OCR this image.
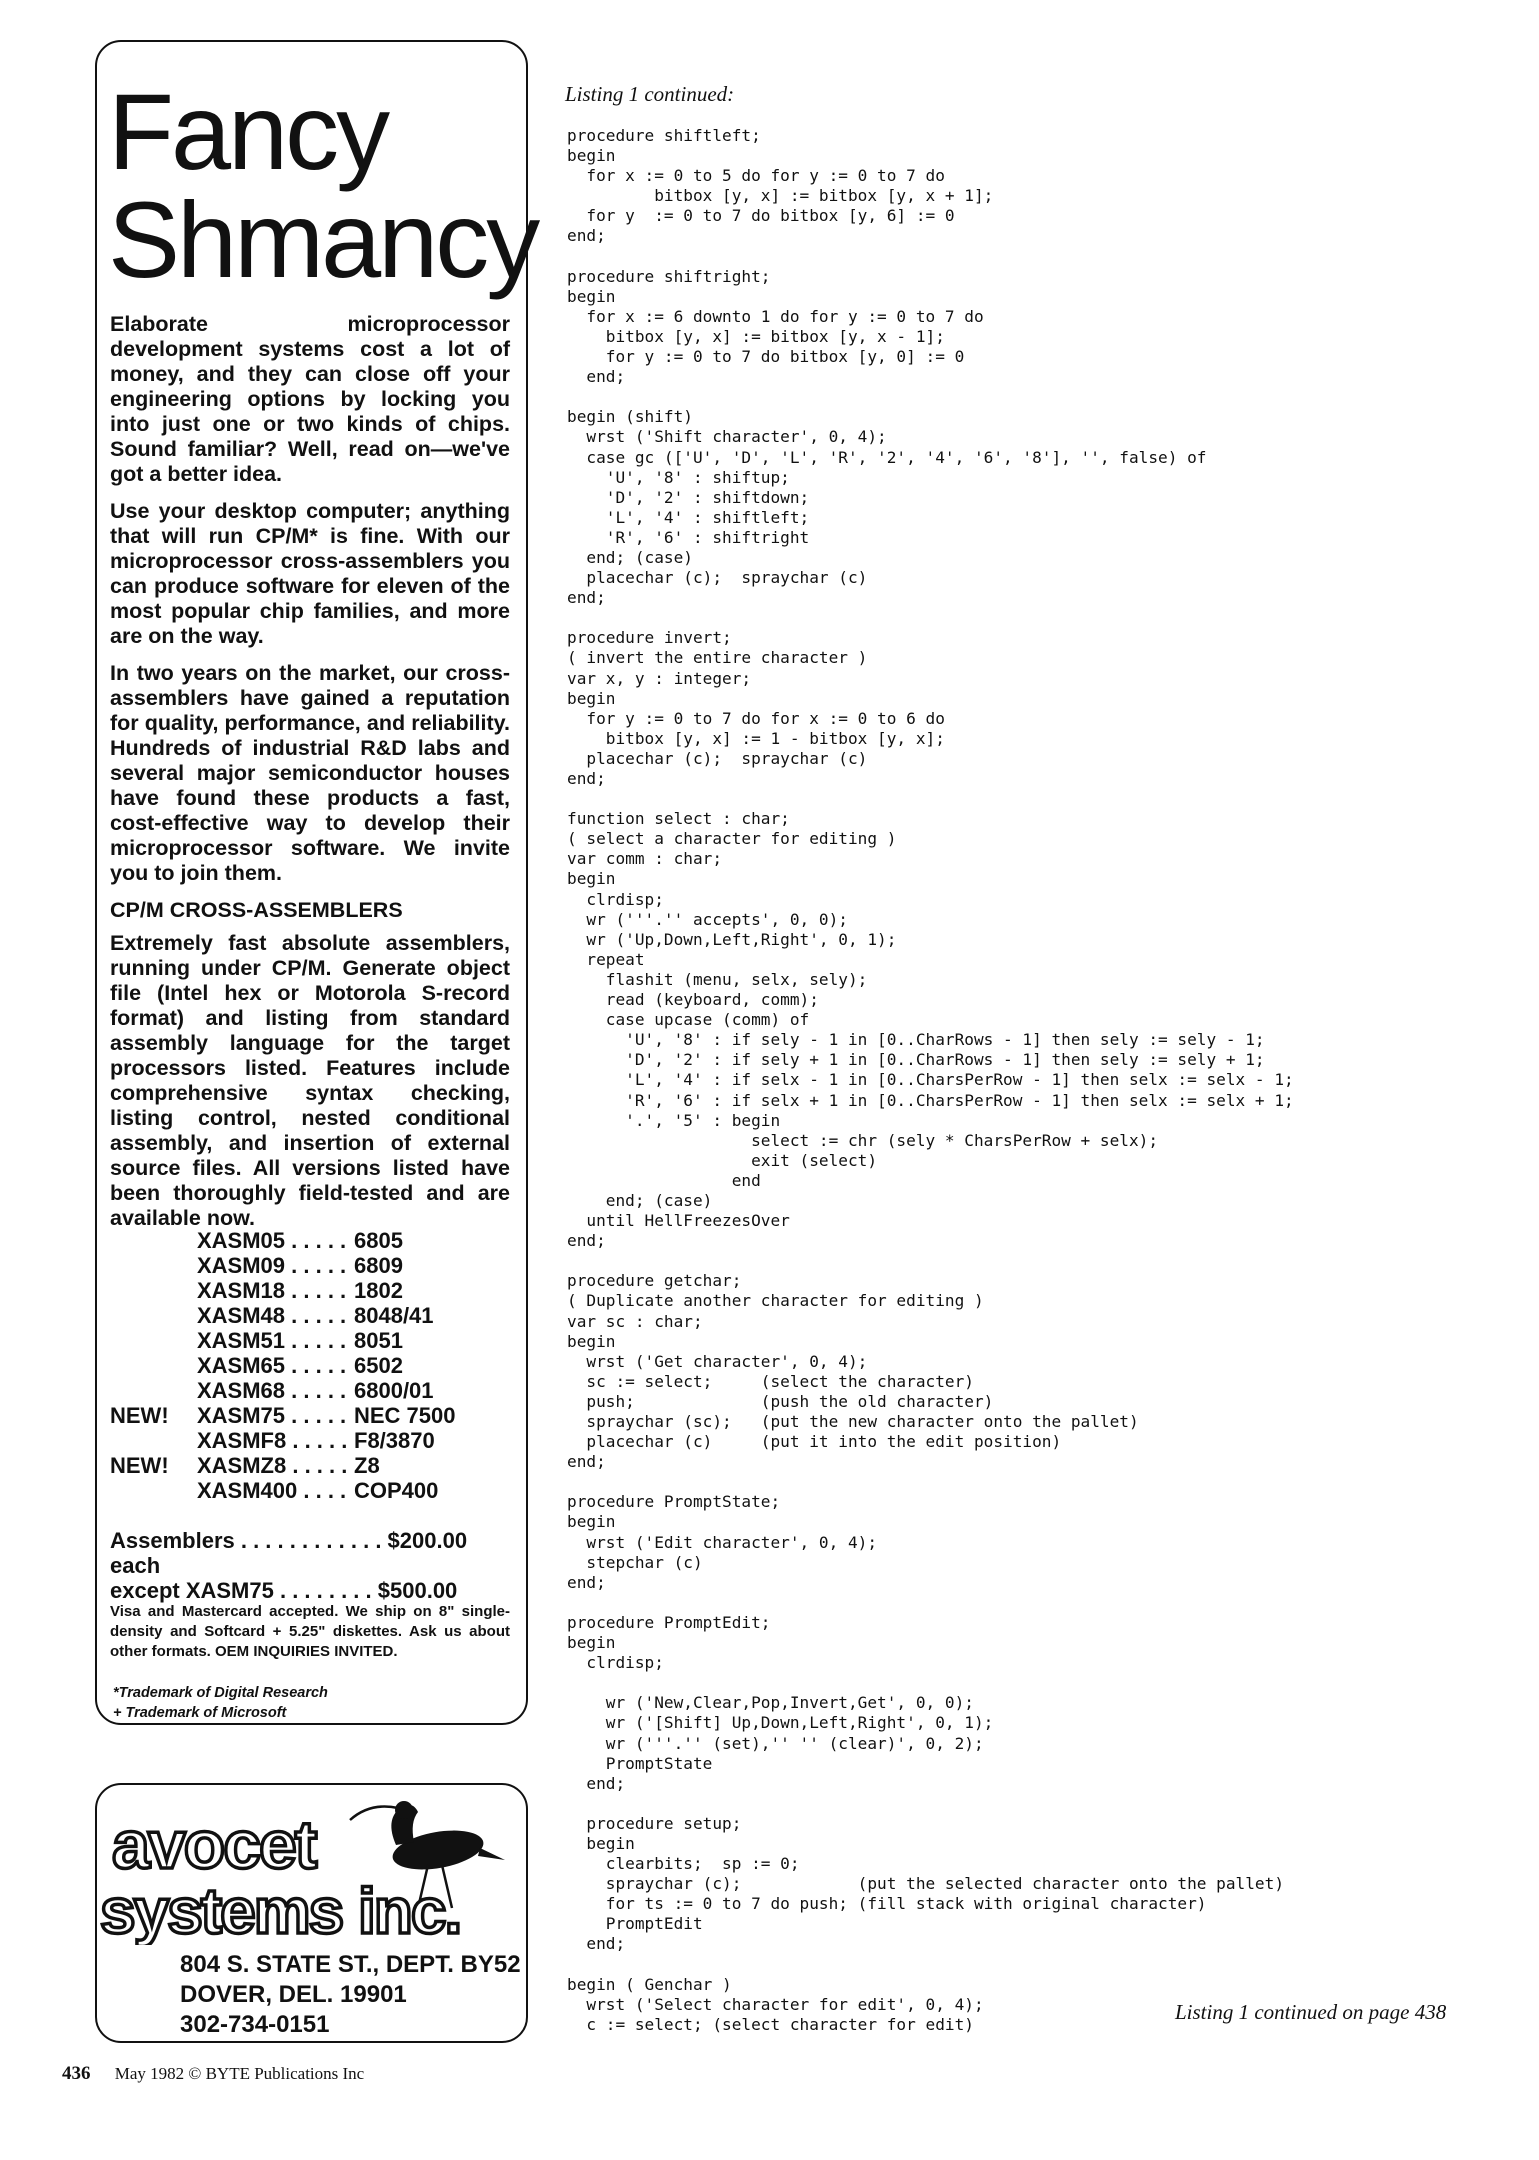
Fancy
Shmancy

Elaborate microprocessor development systems cost a lot of money, and they can close off your engineering options by locking you into just one or two kinds of chips. Sound familiar? Well, read on—we've got a better idea.

Use your desktop computer; anything that will run CP/M* is fine. With our microprocessor cross-assemblers you can produce software for eleven of the most popular chip families, and more are on the way.

In two years on the market, our cross-assemblers have gained a reputation for quality, performance, and reliability. Hundreds of industrial R&D labs and several major semiconductor houses have found these products a fast, cost-effective way to develop their microprocessor software. We invite you to join them.

CP/M CROSS-ASSEMBLERS

Extremely fast absolute assemblers, running under CP/M. Generate object file (Intel hex or Motorola S-record format) and listing from standard assembly language for the target processors listed. Features include comprehensive syntax checking, listing control, nested conditional assembly, and insertion of external source files. All versions listed have been thoroughly field-tested and are available now.

XASM05 . . . . . 6805
XASM09 . . . . . 6809
XASM18 . . . . . 1802
XASM48 . . . . . 8048/41
XASM51 . . . . . 8051
XASM65 . . . . . 6502
XASM68 . . . . . 6800/01
NEW!	XASM75 . . . . . NEC 7500
XASMF8 . . . . . F8/3870
NEW!	XASMZ8 . . . . . Z8
XASM400 . . . . COP400
Assemblers . . . . . . . . . . . . $200.00 each
except XASM75 . . . . . . . . $500.00
Visa and Mastercard accepted. We ship on 8" single-density and Softcard + 5.25" diskettes. Ask us about other formats. OEM INQUIRIES INVITED.
*Trademark of Digital Research
+ Trademark of Microsoft
avocet
systems inc.
804 S. STATE ST., DEPT. BY52
DOVER, DEL. 19901
302-734-0151
436 May 1982 © BYTE Publications Inc
Listing 1 continued:
procedure shiftleft;
begin
for x := 0 to 5 do for y := 0 to 7 do
bitbox [y, x] := bitbox [y, x + 1];
for y  := 0 to 7 do bitbox [y, 6] := 0
end;

procedure shiftright;
begin
for x := 6 downto 1 do for y := 0 to 7 do
bitbox [y, x] := bitbox [y, x - 1];
for y := 0 to 7 do bitbox [y, 0] := 0
end;

begin (shift)
wrst ('Shift character', 0, 4);
case gc (['U', 'D', 'L', 'R', '2', '4', '6', '8'], '', false) of
'U', '8' : shiftup;
'D', '2' : shiftdown;
'L', '4' : shiftleft;
'R', '6' : shiftright
end; (case)
placechar (c);  spraychar (c)
end;

procedure invert;
( invert the entire character )
var x, y : integer;
begin
for y := 0 to 7 do for x := 0 to 6 do
bitbox [y, x] := 1 - bitbox [y, x];
placechar (c);  spraychar (c)
end;

function select : char;
( select a character for editing )
var comm : char;
begin
clrdisp;
wr ('''.'' accepts', 0, 0);
wr ('Up,Down,Left,Right', 0, 1);
repeat
flashit (menu, selx, sely);
read (keyboard, comm);
case upcase (comm) of
'U', '8' : if sely - 1 in [0..CharRows - 1] then sely := sely - 1;
'D', '2' : if sely + 1 in [0..CharRows - 1] then sely := sely + 1;
'L', '4' : if selx - 1 in [0..CharsPerRow - 1] then selx := selx - 1;
'R', '6' : if selx + 1 in [0..CharsPerRow - 1] then selx := selx + 1;
'.', '5' : begin
select := chr (sely * CharsPerRow + selx);
exit (select)
end
end; (case)
until HellFreezesOver
end;

procedure getchar;
( Duplicate another character for editing )
var sc : char;
begin
wrst ('Get character', 0, 4);
sc := select;     (select the character)
push;             (push the old character)
spraychar (sc);   (put the new character onto the pallet)
placechar (c)     (put it into the edit position)
end;

procedure PromptState;
begin
wrst ('Edit character', 0, 4);
stepchar (c)
end;

procedure PromptEdit;
begin
clrdisp;

wr ('New,Clear,Pop,Invert,Get', 0, 0);
wr ('[Shift] Up,Down,Left,Right', 0, 1);
wr ('''.'' (set),'' '' (clear)', 0, 2);
PromptState
end;

procedure setup;
begin
clearbits;  sp := 0;
spraychar (c);            (put the selected character onto the pallet)
for ts := 0 to 7 do push; (fill stack with original character)
PromptEdit
end;

begin ( Genchar )
wrst ('Select character for edit', 0, 4);
c := select; (select character for edit)
Listing 1 continued on page 438
